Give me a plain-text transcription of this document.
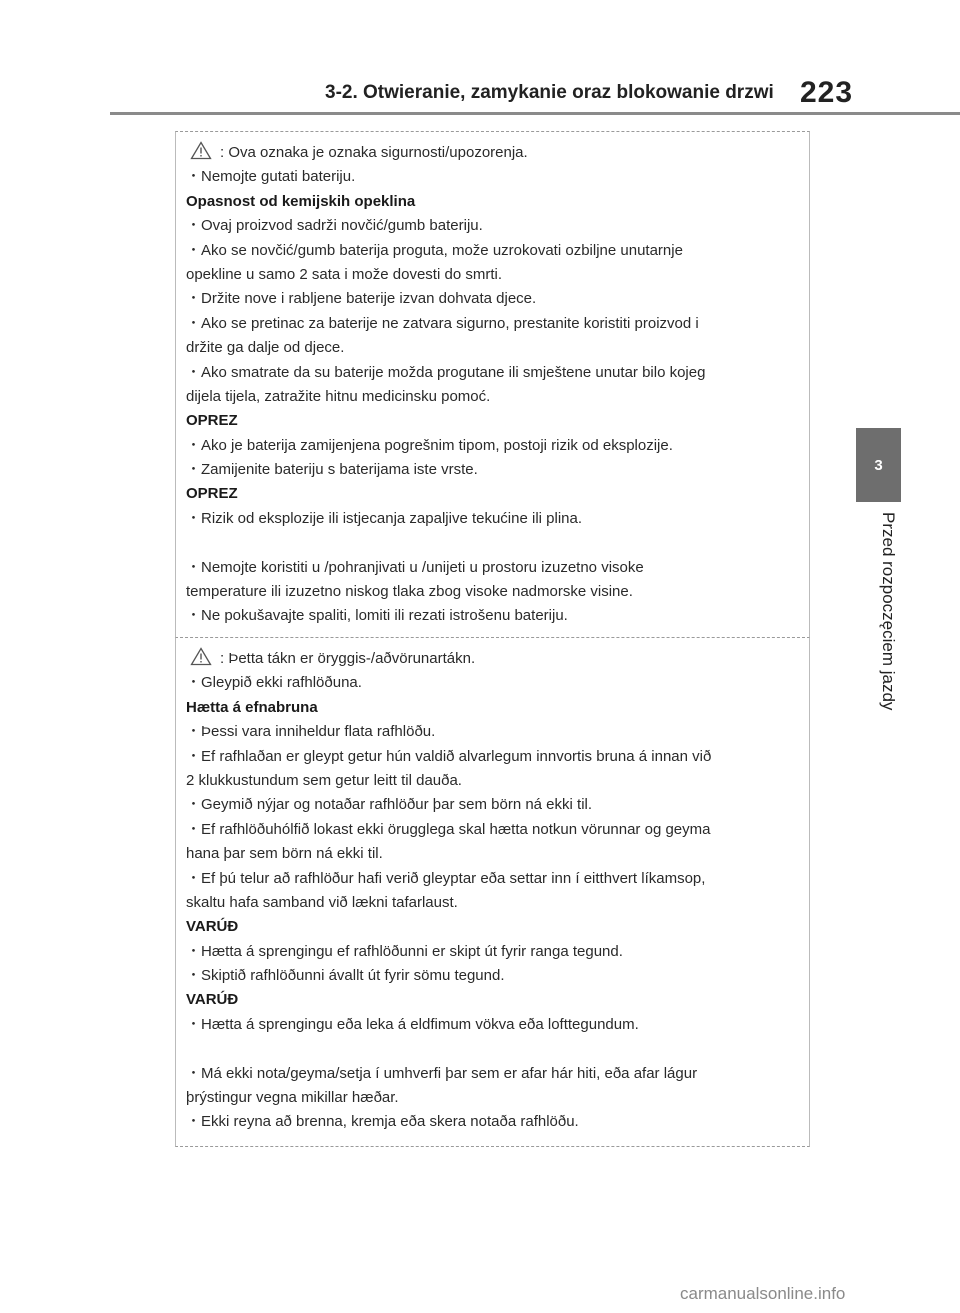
3-2. Otwieranie, zamykanie oraz blokowanie drzwi 223
3
Przed rozpoczęciem jazdy
: Ova oznaka je oznaka sigurnosti/upozorenja.
・Nemojte gutati bateriju.
Opasnost od kemijskih opeklina
・Ovaj proizvod sadrži novčić/gumb bateriju.
・Ako se novčić/gumb baterija proguta, može uzrokovati ozbiljne unutarnje
opekline u samo 2 sata i može dovesti do smrti.
・Držite nove i rabljene baterije izvan dohvata djece.
・Ako se pretinac za baterije ne zatvara sigurno, prestanite koristiti proizvod i
držite ga dalje od djece.
・Ako smatrate da su baterije možda progutane ili smještene unutar bilo kojeg
dijela tijela, zatražite hitnu medicinsku pomoć.
OPREZ
・Ako je baterija zamijenjena pogrešnim tipom, postoji rizik od eksplozije.
・Zamijenite bateriju s baterijama iste vrste.
OPREZ
・Rizik od eksplozije ili istjecanja zapaljive tekućine ili plina.
・Nemojte koristiti u /pohranjivati u /unijeti u prostoru izuzetno visoke
temperature ili izuzetno niskog tlaka zbog visoke nadmorske visine.
・Ne pokušavajte spaliti, lomiti ili rezati istrošenu bateriju.
: Þetta tákn er öryggis-/aðvörunartákn.
・Gleypið ekki rafhlöðuna.
Hætta á efnabruna
・Þessi vara inniheldur flata rafhlöðu.
・Ef rafhlaðan er gleypt getur hún valdið alvarlegum innvortis bruna á innan við
2 klukkustundum sem getur leitt til dauða.
・Geymið nýjar og notaðar rafhlöður þar sem börn ná ekki til.
・Ef rafhlöðuhólfið lokast ekki örugglega skal hætta notkun vörunnar og geyma
hana þar sem börn ná ekki til.
・Ef þú telur að rafhlöður hafi verið gleyptar eða settar inn í eitthvert líkamsop,
skaltu hafa samband við lækni tafarlaust.
VARÚÐ
・Hætta á sprengingu ef rafhlöðunni er skipt út fyrir ranga tegund.
・Skiptið rafhlöðunni ávallt út fyrir sömu tegund.
VARÚÐ
・Hætta á sprengingu eða leka á eldfimum vökva eða lofttegundum.
・Má ekki nota/geyma/setja í umhverfi þar sem er afar hár hiti, eða afar lágur
þrýstingur vegna mikillar hæðar.
・Ekki reyna að brenna, kremja eða skera notaða rafhlöðu.
carmanualsonline.info
